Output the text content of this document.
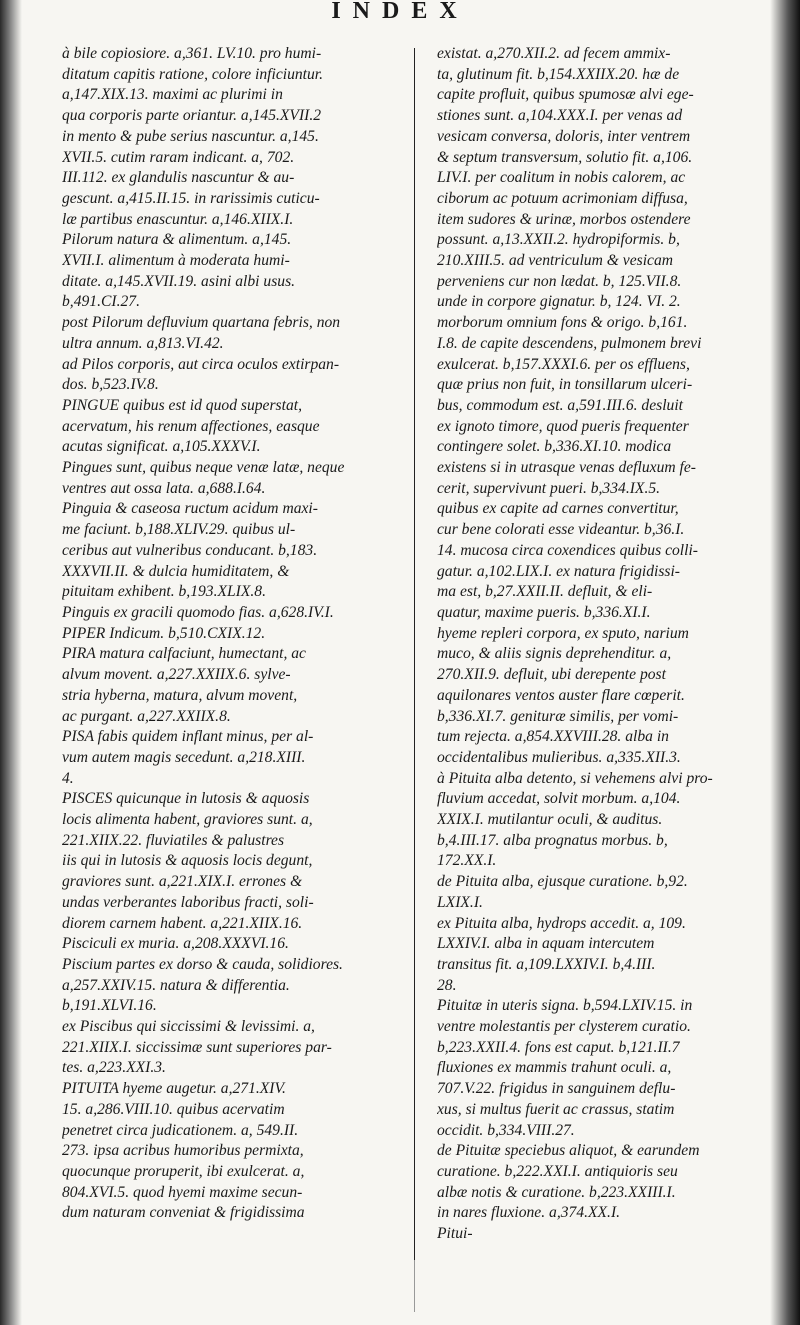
INDEX
à bile copiosiore. a,361. LV.10. pro humi-
ditatum capitis ratione, colore inficiuntur.
a,147.XIX.13. maximi ac plurimi in
qua corporis parte oriantur. a,145.XVII.2
in mento & pube serius nascuntur. a,145.
XVII.5. cutim raram indicant. a, 702.
III.112. ex glandulis nascuntur & au-
gescunt. a,415.II.15. in rarissimis cuticu-
læ partibus enascuntur. a,146.XIIX.I.
Pilorum natura & alimentum. a,145.
XVII.I. alimentum à moderata humi-
ditate. a,145.XVII.19. asini albi usus.
b,491.CI.27.
post Pilorum defluvium quartana febris, non
ultra annum. a,813.VI.42.
ad Pilos corporis, aut circa oculos extirpan-
dos. b,523.IV.8.
PINGUE quibus est id quod superstat,
acervatum, his renum affectiones, easque
acutas significat. a,105.XXXV.I.
Pingues sunt, quibus neque venæ latæ, neque
ventres aut ossa lata. a,688.I.64.
Pinguia & caseosa ructum acidum maxi-
me faciunt. b,188.XLIV.29. quibus ul-
ceribus aut vulneribus conducant. b,183.
XXXVII.II. & dulcia humiditatem, &
pituitam exhibent. b,193.XLIX.8.
Pinguis ex gracili quomodo fias. a,628.IV.I.
PIPER Indicum. b,510.CXIX.12.
PIRA matura calfaciunt, humectant, ac
alvum movent. a,227.XXIIX.6. sylve-
stria hyberna, matura, alvum movent,
ac purgant. a,227.XXIIX.8.
PISA fabis quidem inflant minus, per al-
vum autem magis secedunt. a,218.XIII.
4.
PISCES quicunque in lutosis & aquosis
locis alimenta habent, graviores sunt. a,
221.XIIX.22. fluviatiles & palustres
iis qui in lutosis & aquosis locis degunt,
graviores sunt. a,221.XIX.I. errones &
undas verberantes laboribus fracti, soli-
diorem carnem habent. a,221.XIIX.16.
Pisciculi ex muria. a,208.XXXVI.16.
Piscium partes ex dorso & cauda, solidiores.
a,257.XXIV.15. natura & differentia.
b,191.XLVI.16.
ex Piscibus qui siccissimi & levissimi. a,
221.XIIX.I. siccissimæ sunt superiores par-
tes. a,223.XXI.3.
PITUITA hyeme augetur. a,271.XIV.
15. a,286.VIII.10. quibus acervatim
penetret circa judicationem. a, 549.II.
273. ipsa acribus humoribus permixta,
quocunque proruperit, ibi exulcerat. a,
804.XVI.5. quod hyemi maxime secun-
dum naturam conveniat & frigidissima
existat. a,270.XII.2. ad fecem ammix-
ta, glutinum fit. b,154.XXIIX.20. hæ de
capite profluit, quibus spumosæ alvi ege-
stiones sunt. a,104.XXX.I. per venas ad
vesicam conversa, doloris, inter ventrem
& septum transversum, solutio fit. a,106.
LIV.I. per coalitum in nobis calorem, ac
ciborum ac potuum acrimoniam diffusa,
item sudores & urinæ, morbos ostendere
possunt. a,13.XXII.2. hydropiformis. b,
210.XIII.5. ad ventriculum & vesicam
perveniens cur non lædat. b, 125.VII.8.
unde in corpore gignatur. b, 124. VI. 2.
morborum omnium fons & origo. b,161.
I.8. de capite descendens, pulmonem brevi
exulcerat. b,157.XXXI.6. per os effluens,
quæ prius non fuit, in tonsillarum ulceri-
bus, commodum est. a,591.III.6. desluit
ex ignoto timore, quod pueris frequenter
contingere solet. b,336.XI.10. modica
existens si in utrasque venas defluxum fe-
cerit, supervivunt pueri. b,334.IX.5.
quibus ex capite ad carnes convertitur,
cur bene colorati esse videantur. b,36.I.
14. mucosa circa coxendices quibus colli-
gatur. a,102.LIX.I. ex natura frigidissi-
ma est, b,27.XXII.II. defluit, & eli-
quatur, maxime pueris. b,336.XI.I.
hyeme repleri corpora, ex sputo, narium
muco, & aliis signis deprehenditur. a,
270.XII.9. defluit, ubi derepente post
aquilonares ventos auster flare cœperit.
b,336.XI.7. genituræ similis, per vomi-
tum rejecta. a,854.XXVIII.28. alba in
occidentalibus mulieribus. a,335.XII.3.
à Pituita alba detento, si vehemens alvi pro-
fluvium accedat, solvit morbum. a,104.
XXIX.I. mutilantur oculi, & auditus.
b,4.III.17. alba prognatus morbus. b,
172.XX.I.
de Pituita alba, ejusque curatione. b,92.
LXIX.I.
ex Pituita alba, hydrops accedit. a, 109.
LXXIV.I. alba in aquam intercutem
transitus fit. a,109.LXXIV.I. b,4.III.
28.
Pituitæ in uteris signa. b,594.LXIV.15. in
ventre molestantis per clysterem curatio.
b,223.XXII.4. fons est caput. b,121.II.7
fluxiones ex mammis trahunt oculi. a,
707.V.22. frigidus in sanguinem deflu-
xus, si multus fuerit ac crassus, statim
occidit. b,334.VIII.27.
de Pituitæ speciebus aliquot, & earundem
curatione. b,222.XXI.I. antiquioris seu
albæ notis & curatione. b,223.XXIII.I.
in nares fluxione. a,374.XX.I.
Pitui-
